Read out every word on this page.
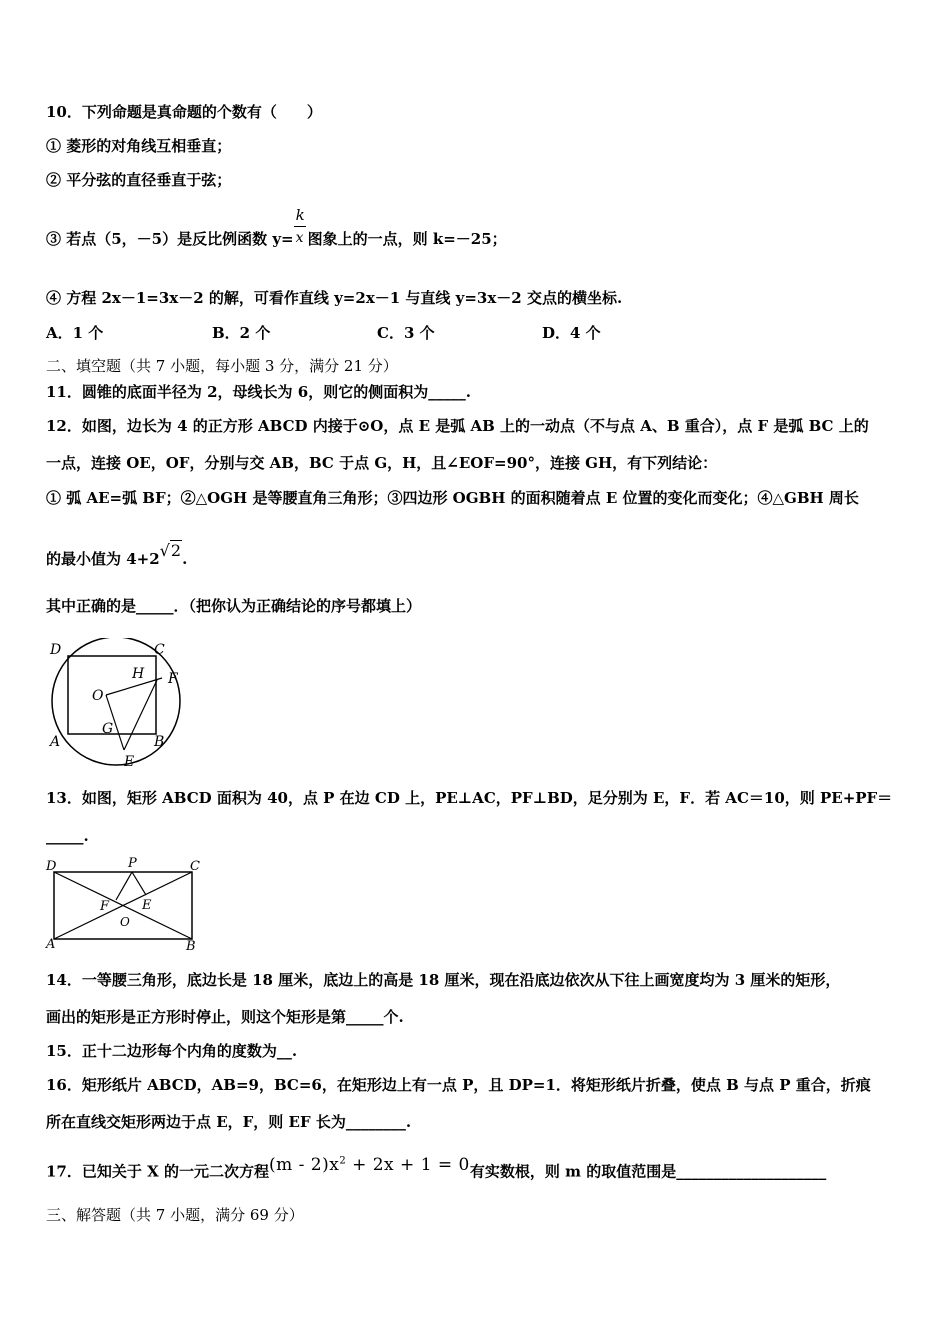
10．下列命题是真命题的个数有（　　）
① 菱形的对角线互相垂直；
② 平分弦的直径垂直于弦；
③ 若点（5，－5）是反比例函数 $y= \frac{k}{x}$ 图象上的一点，则 k=－25；
④ 方程 2x－1=3x－2 的解，可看作直线 y=2x－1 与直线 y=3x－2 交点的横坐标.
A．1 个	B．2 个	C．3 个	D．4 个
二、填空题（共 7 小题，每小题 3 分，满分 21 分）
11．圆锥的底面半径为 2，母线长为 6，则它的侧面积为_____.
12．如图，边长为 4 的正方形 ABCD 内接于⊙O，点 E 是弧 AB 上的一动点（不与点 A、B 重合），点 F 是弧 BC 上的
一点，连接 OE，OF，分别与交 AB，BC 于点 G，H，且∠EOF=90°，连接 GH，有下列结论：
① 弧 AE=弧 BF；②△OGH 是等腰直角三角形；③四边形 OGBH 的面积随着点 E 位置的变化而变化；④△GBH 周长
的最小值为 4+2√2.
其中正确的是_____．（把你认为正确结论的序号都填上）
D	C
H F
O
G
A	B
E
13．如图，矩形 ABCD 面积为 40，点 P 在边 CD 上，PE⊥AC，PF⊥BD，足分别为 E，F．若 AC＝10，则 PE+PF＝
_____.
D	P	C
F	E
O
A	B
14．一等腰三角形，底边长是 18 厘米，底边上的高是 18 厘米，现在沿底边依次从下往上画宽度均为 3 厘米的矩形，
画出的矩形是正方形时停止，则这个矩形是第_____个.
15．正十二边形每个内角的度数为__.
16．矩形纸片 ABCD，AB=9，BC=6，在矩形边上有一点 P，且 DP=1．将矩形纸片折叠，使点 B 与点 P 重合，折痕
所在直线交矩形两边于点 E，F，则 EF 长为________.
17．已知关于 X 的一元二次方程$(m - 2)x^2 + 2x + 1 = 0$有实数根，则 m 的取值范围是____________________
三、解答题（共 7 小题，满分 69 分）
